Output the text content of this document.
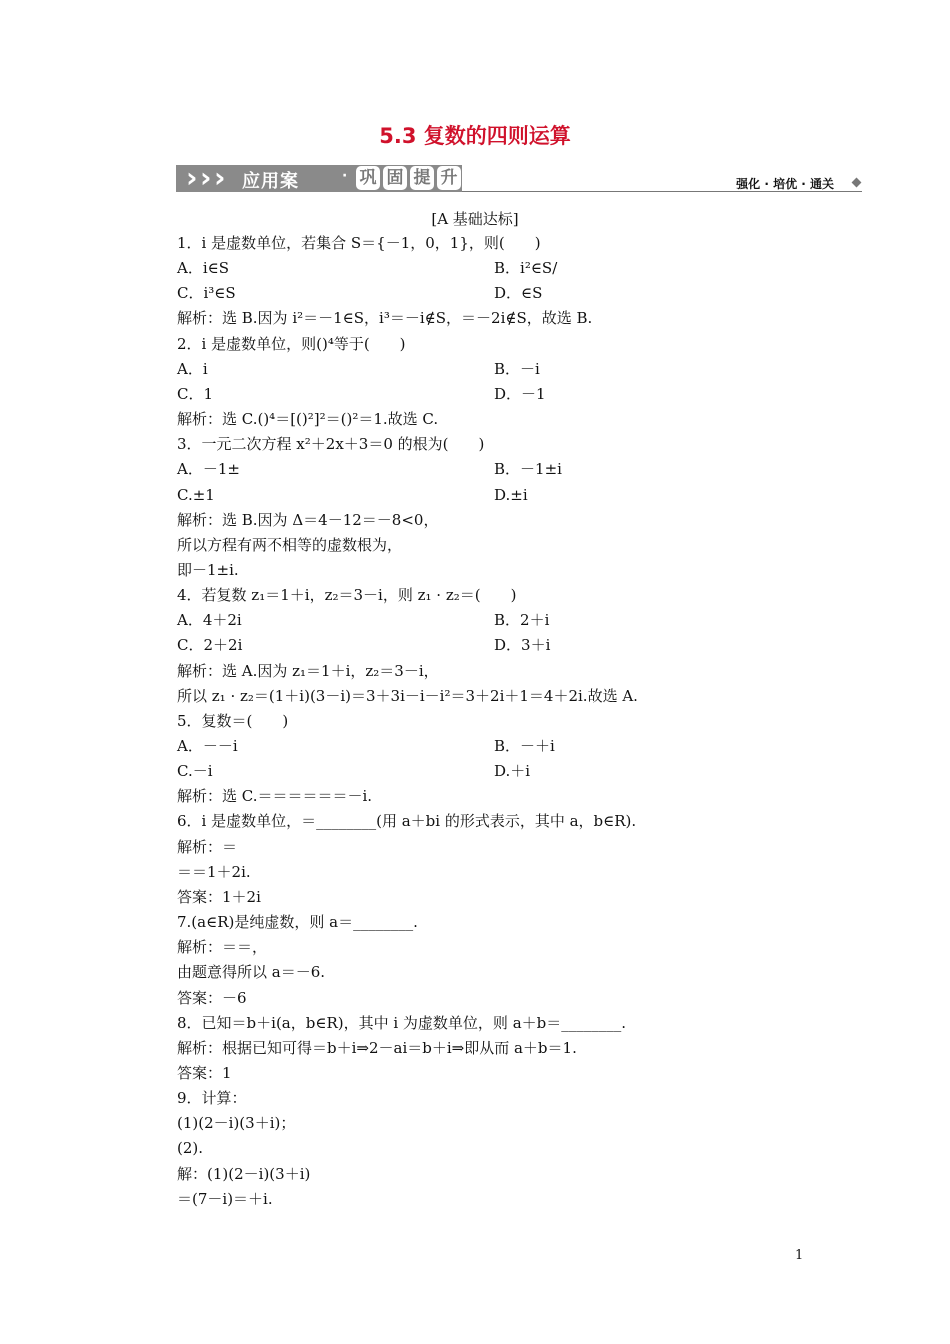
5.3 复数的四则运算
› › › 应用案	· 巩 固 提 升	强化 · 培优 · 通关
[A 基础达标]
1．i 是虚数单位，若集合 S＝{－1，0，1}，则(　　)
A．i∈S	B．i²∈S/
C．i³∈S	D．∈S
解析：选 B.因为 i²＝－1∈S，i³＝－i∉S，＝－2i∉S，故选 B.
2．i 是虚数单位，则()⁴等于(　　)
A．i	B．－i
C．1	D．－1
解析：选 C.()⁴＝[()²]²＝()²＝1.故选 C.
3．一元二次方程 x²＋2x＋3＝0 的根为(　　)
A．－1±	B．－1±i
C.±1	D.±i
解析：选 B.因为 Δ＝4－12＝－8<0，
所以方程有两不相等的虚数根为，
即－1±i.
4．若复数 z₁＝1＋i，z₂＝3－i，则 z₁ · z₂＝(　　)
A．4＋2i	B．2＋i
C．2＋2i	D．3＋i
解析：选 A.因为 z₁＝1＋i，z₂＝3－i，
所以 z₁ · z₂＝(1＋i)(3－i)＝3＋3i－i－i²＝3＋2i＋1＝4＋2i.故选 A.
5．复数＝(　　)
A．－－i	B．－＋i
C.－i	D.＋i
解析：选 C.＝＝＝＝＝＝－i.
6．i 是虚数单位，＝________(用 a＋bi 的形式表示，其中 a，b∈R).
解析：＝
＝＝1＋2i.
答案：1＋2i
7.(a∈R)是纯虚数，则 a＝________.
解析：＝＝，
由题意得所以 a＝－6.
答案：－6
8．已知＝b＋i(a，b∈R)，其中 i 为虚数单位，则 a＋b＝________.
解析：根据已知可得＝b＋i⇒2－ai＝b＋i⇒即从而 a＋b＝1.
答案：1
9．计算：
(1)(2－i)(3＋i)；
(2).
解：(1)(2－i)(3＋i)
＝(7－i)＝＋i.
1
